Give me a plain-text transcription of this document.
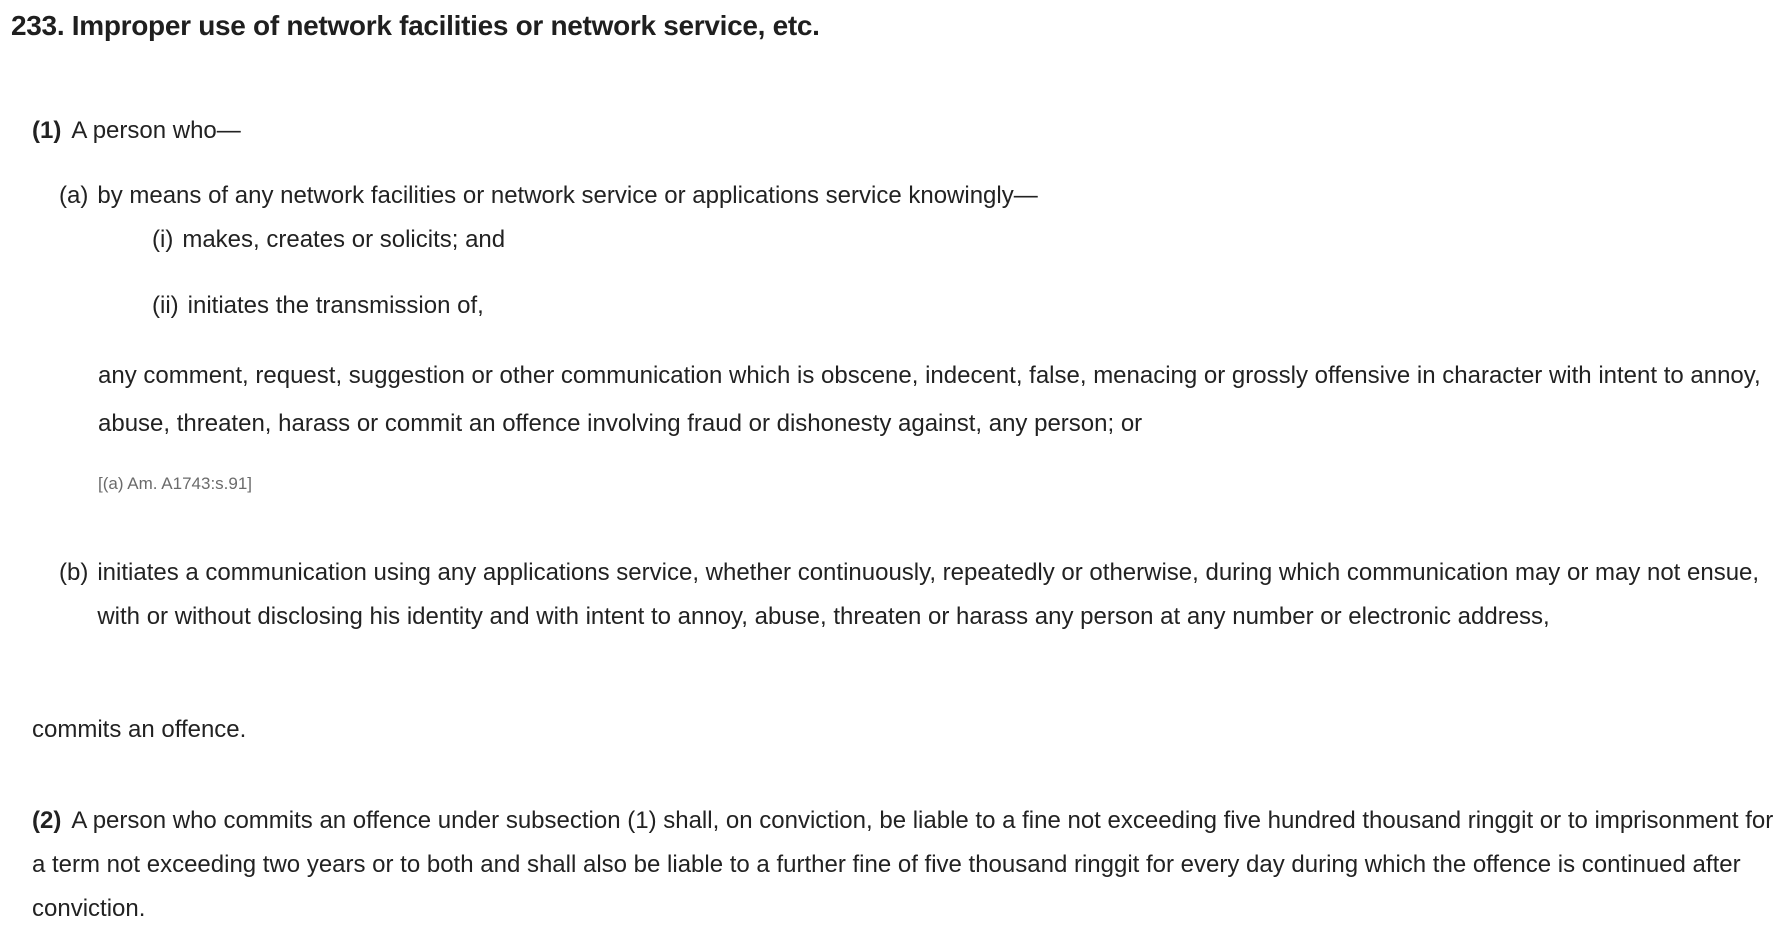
233. Improper use of network facilities or network service, etc.
(1) A person who—
(a) by means of any network facilities or network service or applications service knowingly—
(i) makes, creates or solicits; and
(ii) initiates the transmission of,
any comment, request, suggestion or other communication which is obscene, indecent, false, menacing or grossly offensive in character with intent to annoy, abuse, threaten, harass or commit an offence involving fraud or dishonesty against, any person; or
[(a) Am. A1743:s.91]
(b) initiates a communication using any applications service, whether continuously, repeatedly or otherwise, during which communication may or may not ensue, with or without disclosing his identity and with intent to annoy, abuse, threaten or harass any person at any number or electronic address,
commits an offence.
(2) A person who commits an offence under subsection (1) shall, on conviction, be liable to a fine not exceeding five hundred thousand ringgit or to imprisonment for a term not exceeding two years or to both and shall also be liable to a further fine of five thousand ringgit for every day during which the offence is continued after conviction.
